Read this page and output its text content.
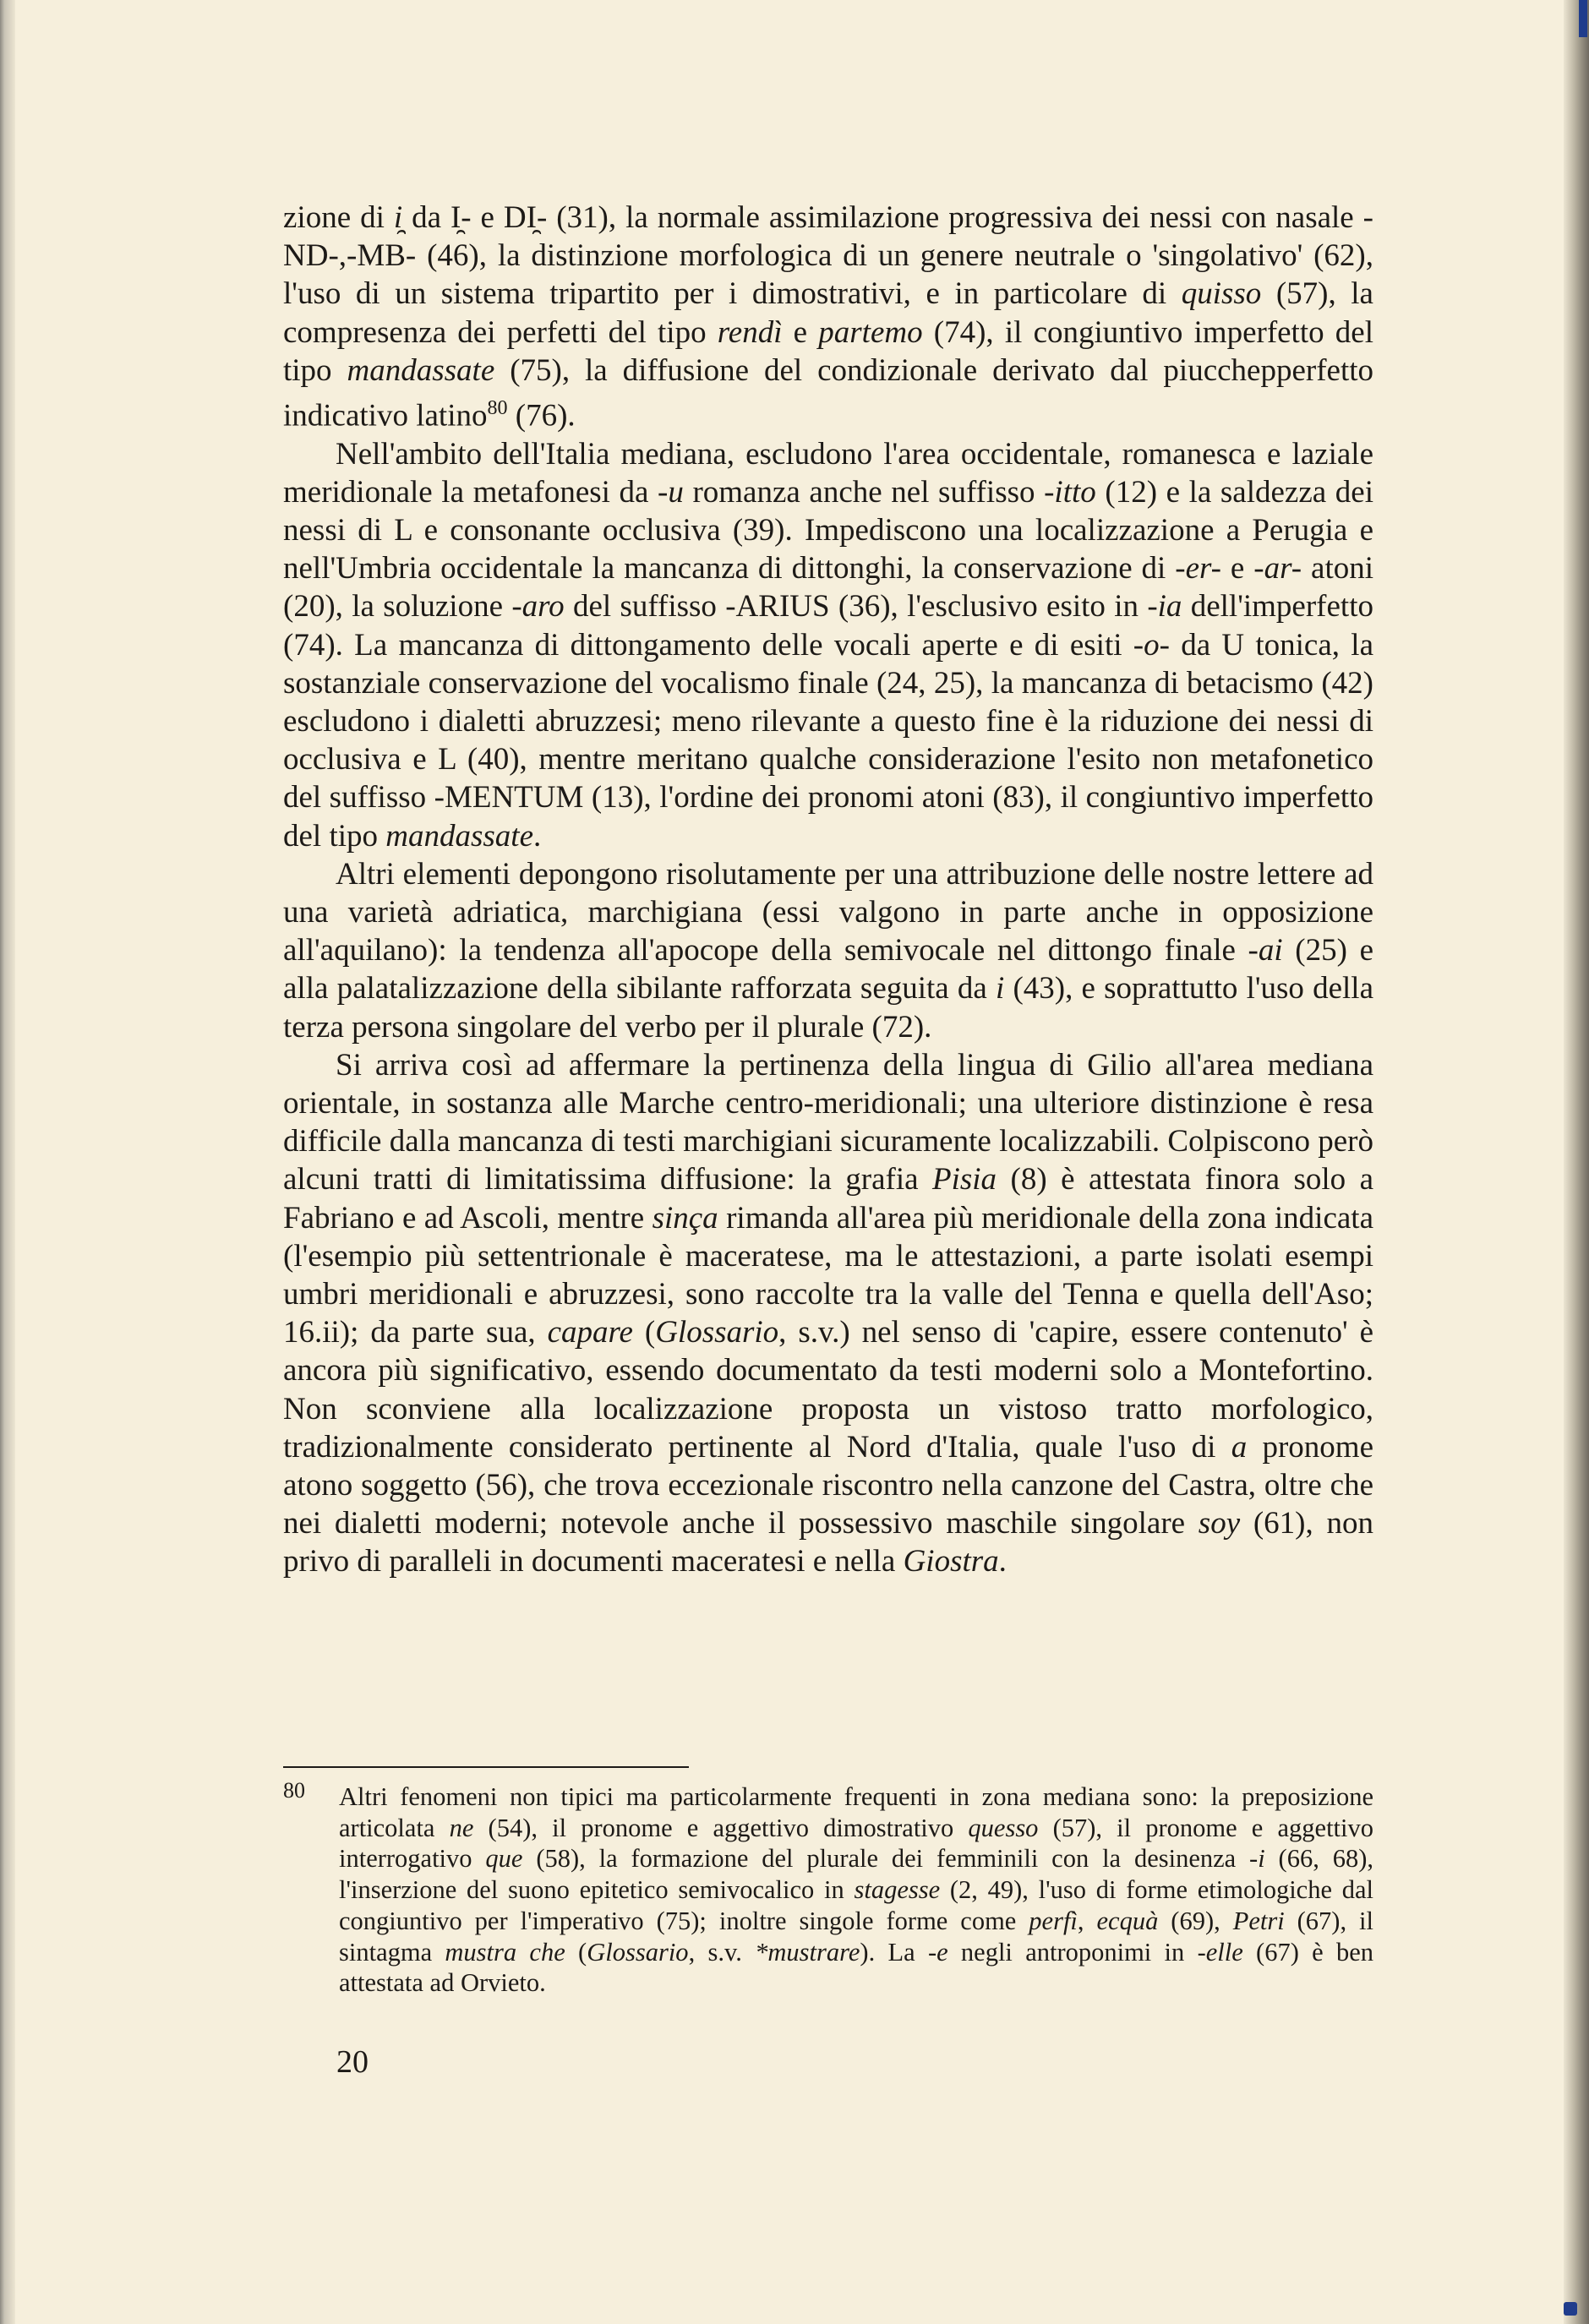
zione di i̯ da I̯- e DI̯- (31), la normale assimilazione progressiva dei nessi con nasale -ND-,-MB- (46), la distinzione morfologica di un genere neutrale o 'singolativo' (62), l'uso di un sistema tripartito per i dimostrativi, e in particolare di quisso (57), la compresenza dei perfetti del tipo rendì e partemo (74), il congiuntivo imperfetto del tipo mandassate (75), la diffusione del condizionale derivato dal piucchepperfetto indicativo latino$^{80}$ (76).

Nell'ambito dell'Italia mediana, escludono l'area occidentale, romanesca e laziale meridionale la metafonesi da -u romanza anche nel suffisso -itto (12) e la saldezza dei nessi di L e consonante occlusiva (39). Impediscono una localizzazione a Perugia e nell'Umbria occidentale la mancanza di dittonghi, la conservazione di -er- e -ar- atoni (20), la soluzione -aro del suffisso -ARIUS (36), l'esclusivo esito in -ia dell'imperfetto (74). La mancanza di dittongamento delle vocali aperte e di esiti -o- da U tonica, la sostanziale conservazione del vocalismo finale (24, 25), la mancanza di betacismo (42) escludono i dialetti abruzzesi; meno rilevante a questo fine è la riduzione dei nessi di occlusiva e L (40), mentre meritano qualche considerazione l'esito non metafonetico del suffisso -MENTUM (13), l'ordine dei pronomi atoni (83), il congiuntivo imperfetto del tipo mandassate.

Altri elementi depongono risolutamente per una attribuzione delle nostre lettere ad una varietà adriatica, marchigiana (essi valgono in parte anche in opposizione all'aquilano): la tendenza all'apocope della semivocale nel dittongo finale -ai (25) e alla palatalizzazione della sibilante rafforzata seguita da i (43), e soprattutto l'uso della terza persona singolare del verbo per il plurale (72).

Si arriva così ad affermare la pertinenza della lingua di Gilio all'area mediana orientale, in sostanza alle Marche centro-meridionali; una ulteriore distinzione è resa difficile dalla mancanza di testi marchigiani sicuramente localizzabili. Colpiscono però alcuni tratti di limitatissima diffusione: la grafia Pisia (8) è attestata finora solo a Fabriano e ad Ascoli, mentre sinça rimanda all'area più meridionale della zona indicata (l'esempio più settentrionale è maceratese, ma le attestazioni, a parte isolati esempi umbri meridionali e abruzzesi, sono raccolte tra la valle del Tenna e quella dell'Aso; 16.ii); da parte sua, capare (Glossario, s.v.) nel senso di 'capire, essere contenuto' è ancora più significativo, essendo documentato da testi moderni solo a Montefortino. Non sconviene alla localizzazione proposta un vistoso tratto morfologico, tradizionalmente considerato pertinente al Nord d'Italia, quale l'uso di a pronome atono soggetto (56), che trova eccezionale riscontro nella canzone del Castra, oltre che nei dialetti moderni; notevole anche il possessivo maschile singolare soy (61), non privo di paralleli in documenti maceratesi e nella Giostra.

80 Altri fenomeni non tipici ma particolarmente frequenti in zona mediana sono: la preposizione articolata ne (54), il pronome e aggettivo dimostrativo quesso (57), il pronome e aggettivo interrogativo que (58), la formazione del plurale dei femminili con la desinenza -i (66, 68), l'inserzione del suono epitetico semivocalico in stagesse (2, 49), l'uso di forme etimologiche dal congiuntivo per l'imperativo (75); inoltre singole forme come perfì, ecquà (69), Petri (67), il sintagma mustra che (Glossario, s.v. *mustrare). La -e negli antroponimi in -elle (67) è ben attestata ad Orvieto.

20
